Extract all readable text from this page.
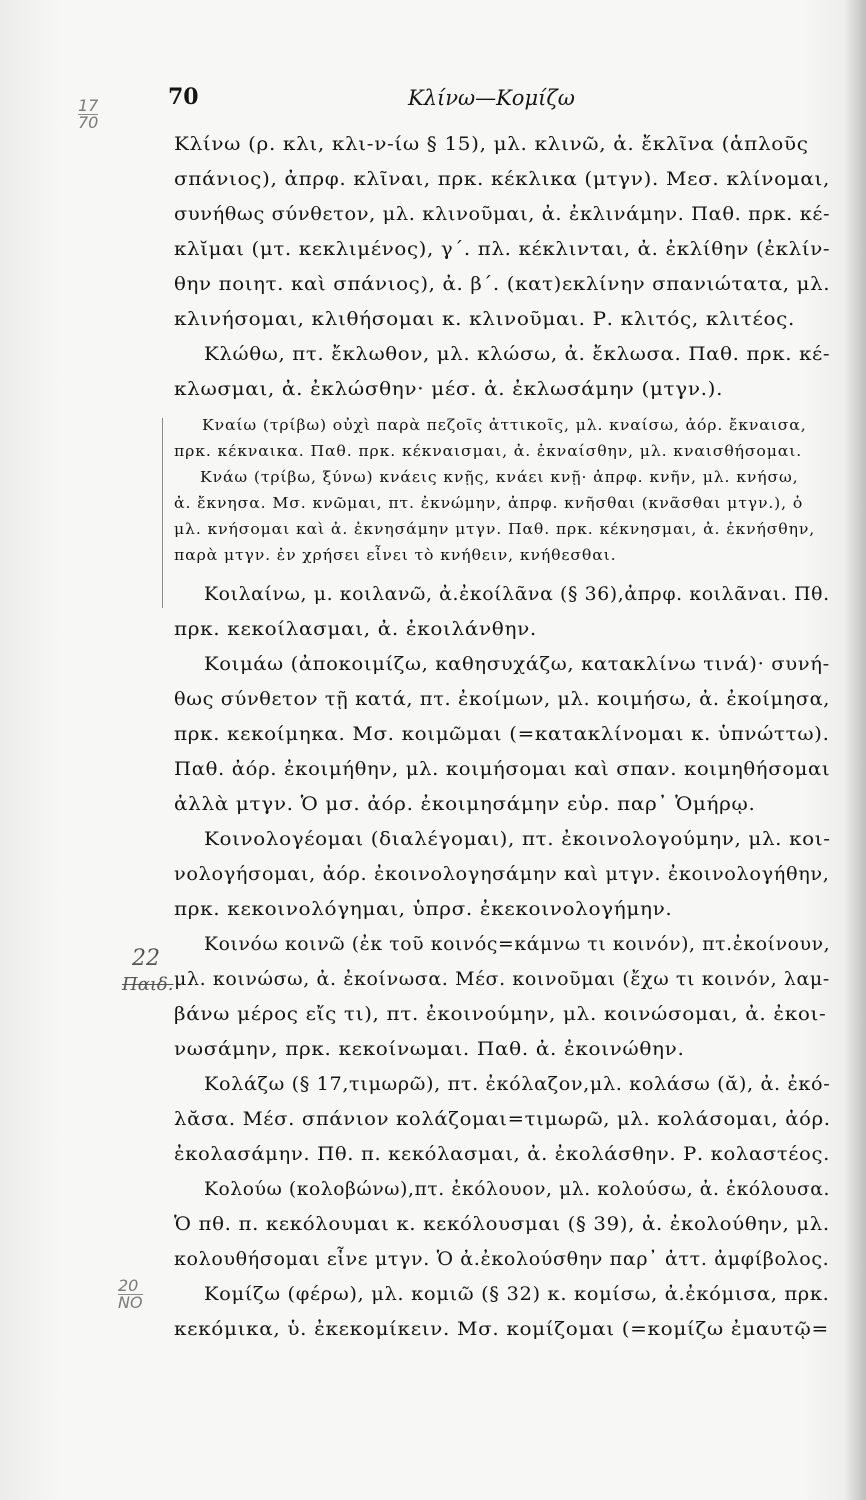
70	Κλίνω—Κομίζω
$\frac{17}{70}$
22
Παιδ.
$\frac{20}{NO}$
Κλίνω (ρ. κλι, κλι-ν-ίω § 15), μλ. κλινῶ, ἀ. ἔκλῖνα (ἁπλοῦς
σπάνιος), ἀπρφ. κλῖναι, πρκ. κέκλικα (μτγν). Μεσ. κλίνομαι,
συνήθως σύνθετον, μλ. κλινοῦμαι, ἀ. ἐκλινάμην. Παθ. πρκ. κέ-
κλῐμαι (μτ. κεκλιμένος), γ΄. πλ. κέκλινται, ἀ. ἐκλίθην (ἐκλίν-
θην ποιητ. καὶ σπάνιος), ἀ. β΄. (κατ)εκλίνην σπανιώτατα, μλ.
κλινήσομαι, κλιθήσομαι κ. κλινοῦμαι. Ρ. κλιτός, κλιτέος.
Κλώθω, πτ. ἔκλωθον, μλ. κλώσω, ἀ. ἔκλωσα. Παθ. πρκ. κέ-
κλωσμαι, ἀ. ἐκλώσθην· μέσ. ἀ. ἐκλωσάμην (μτγν.).
Κναίω (τρίβω) οὐχὶ παρὰ πεζοῖς ἀττικοῖς, μλ. κναίσω, ἀόρ. ἔκναισα,
πρκ. κέκναικα. Παθ. πρκ. κέκναισμαι, ἀ. ἐκναίσθην, μλ. κναισθήσομαι.
Κνάω (τρίβω, ξύνω) κνάεις κνῇς, κνάει κνῇ· ἀπρφ. κνῆν, μλ. κνήσω,
ἀ. ἔκνησα. Μσ. κνῶμαι, πτ. ἐκνώμην, ἀπρφ. κνῆσθαι (κνᾶσθαι μτγν.), ὁ
μλ. κνήσομαι καὶ ἀ. ἐκνησάμην μτγν. Παθ. πρκ. κέκνησμαι, ἀ. ἐκνήσθην,
παρὰ μτγν. ἐν χρήσει εἶνει τὸ κνήθειν, κνήθεσθαι.
Κοιλαίνω, μ. κοιλανῶ, ἀ.ἐκοίλᾶνα (§ 36),ἀπρφ. κοιλᾶναι. Πθ.
πρκ. κεκοίλασμαι, ἀ. ἐκοιλάνθην.
Κοιμάω (ἀποκοιμίζω, καθησυχάζω, κατακλίνω τινά)· συνή-
θως σύνθετον τῇ κατά, πτ. ἐκοίμων, μλ. κοιμήσω, ἀ. ἐκοίμησα,
πρκ. κεκοίμηκα. Μσ. κοιμῶμαι (=κατακλίνομαι κ. ὑπνώττω).
Παθ. ἀόρ. ἐκοιμήθην, μλ. κοιμήσομαι καὶ σπαν. κοιμηθήσομαι
ἀλλὰ μτγν. Ὁ μσ. ἀόρ. ἐκοιμησάμην εὑρ. παρ᾽ Ὁμήρῳ.
Κοινολογέομαι (διαλέγομαι), πτ. ἐκοινολογούμην, μλ. κοι-
νολογήσομαι, ἀόρ. ἐκοινολογησάμην καὶ μτγν. ἐκοινολογήθην,
πρκ. κεκοινολόγημαι, ὑπρσ. ἐκεκοινολογήμην.
Κοινόω κοινῶ (ἐκ τοῦ κοινός=κάμνω τι κοινόν), πτ.ἐκοίνουν,
μλ. κοινώσω, ἀ. ἐκοίνωσα. Μέσ. κοινοῦμαι (ἔχω τι κοινόν, λαμ-
βάνω μέρος εἴς τι), πτ. ἐκοινούμην, μλ. κοινώσομαι, ἀ. ἐκοι-
νωσάμην, πρκ. κεκοίνωμαι. Παθ. ἀ. ἐκοινώθην.
Κολάζω (§ 17,τιμωρῶ), πτ. ἐκόλαζον,μλ. κολάσω (ᾰ), ἀ. ἐκό-
λᾰσα. Μέσ. σπάνιον κολάζομαι=τιμωρῶ, μλ. κολάσομαι, ἀόρ.
ἐκολασάμην. Πθ. π. κεκόλασμαι, ἀ. ἐκολάσθην. Ρ. κολαστέος.
Κολούω (κολοβώνω),πτ. ἐκόλουον, μλ. κολούσω, ἀ. ἐκόλουσα.
Ὁ πθ. π. κεκόλουμαι κ. κεκόλουσμαι (§ 39), ἀ. ἐκολούθην, μλ.
κολουθήσομαι εἶνε μτγν. Ὁ ἀ.ἐκολούσθην παρ᾽ ἀττ. ἀμφίβολος.
Κομίζω (φέρω), μλ. κομιῶ (§ 32) κ. κομίσω, ἀ.ἐκόμισα, πρκ.
κεκόμικα, ὑ. ἐκεκομίκειν. Μσ. κομίζομαι (=κομίζω ἐμαυτῷ=
